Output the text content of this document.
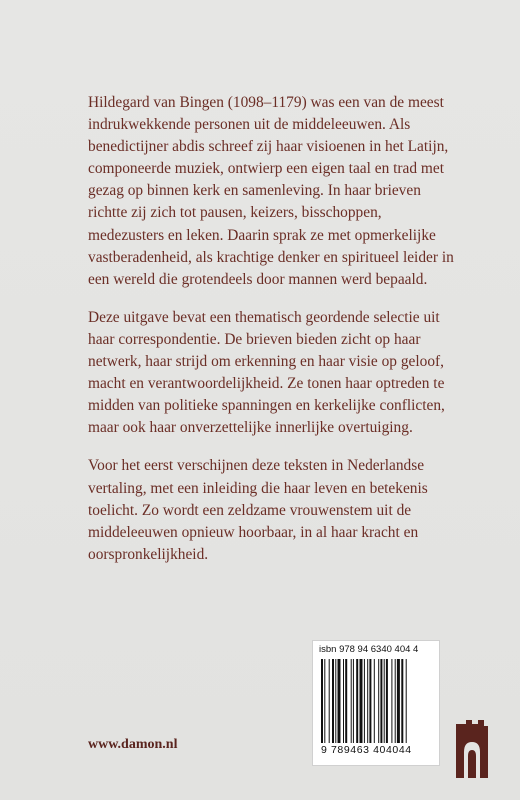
Hildegard van Bingen (1098–1179) was een van de meest indrukwekkende personen uit de middeleeuwen. Als benedictijner abdis schreef zij haar visioenen in het Latijn, componeerde muziek, ontwierp een eigen taal en trad met gezag op binnen kerk en samenleving. In haar brieven richtte zij zich tot pausen, keizers, bisschoppen, medezusters en leken. Daarin sprak ze met opmerkelijke vastberadenheid, als krachtige denker en spiritueel leider in een wereld die grotendeels door mannen werd bepaald.

Deze uitgave bevat een thematisch geordende selectie uit haar correspondentie. De brieven bieden zicht op haar netwerk, haar strijd om erkenning en haar visie op geloof, macht en verantwoordelijkheid. Ze tonen haar optreden te midden van politieke spanningen en kerkelijke conflicten, maar ook haar onverzettelijke innerlijke overtuiging.

Voor het eerst verschijnen deze teksten in Nederlandse vertaling, met een inleiding die haar leven en betekenis toelicht. Zo wordt een zeldzame vrouwenstem uit de middeleeuwen opnieuw hoorbaar, in al haar kracht en oorspronkelijkheid.

isbn 978 94 6340 404 4
9 789463 404044
www.damon.nl
